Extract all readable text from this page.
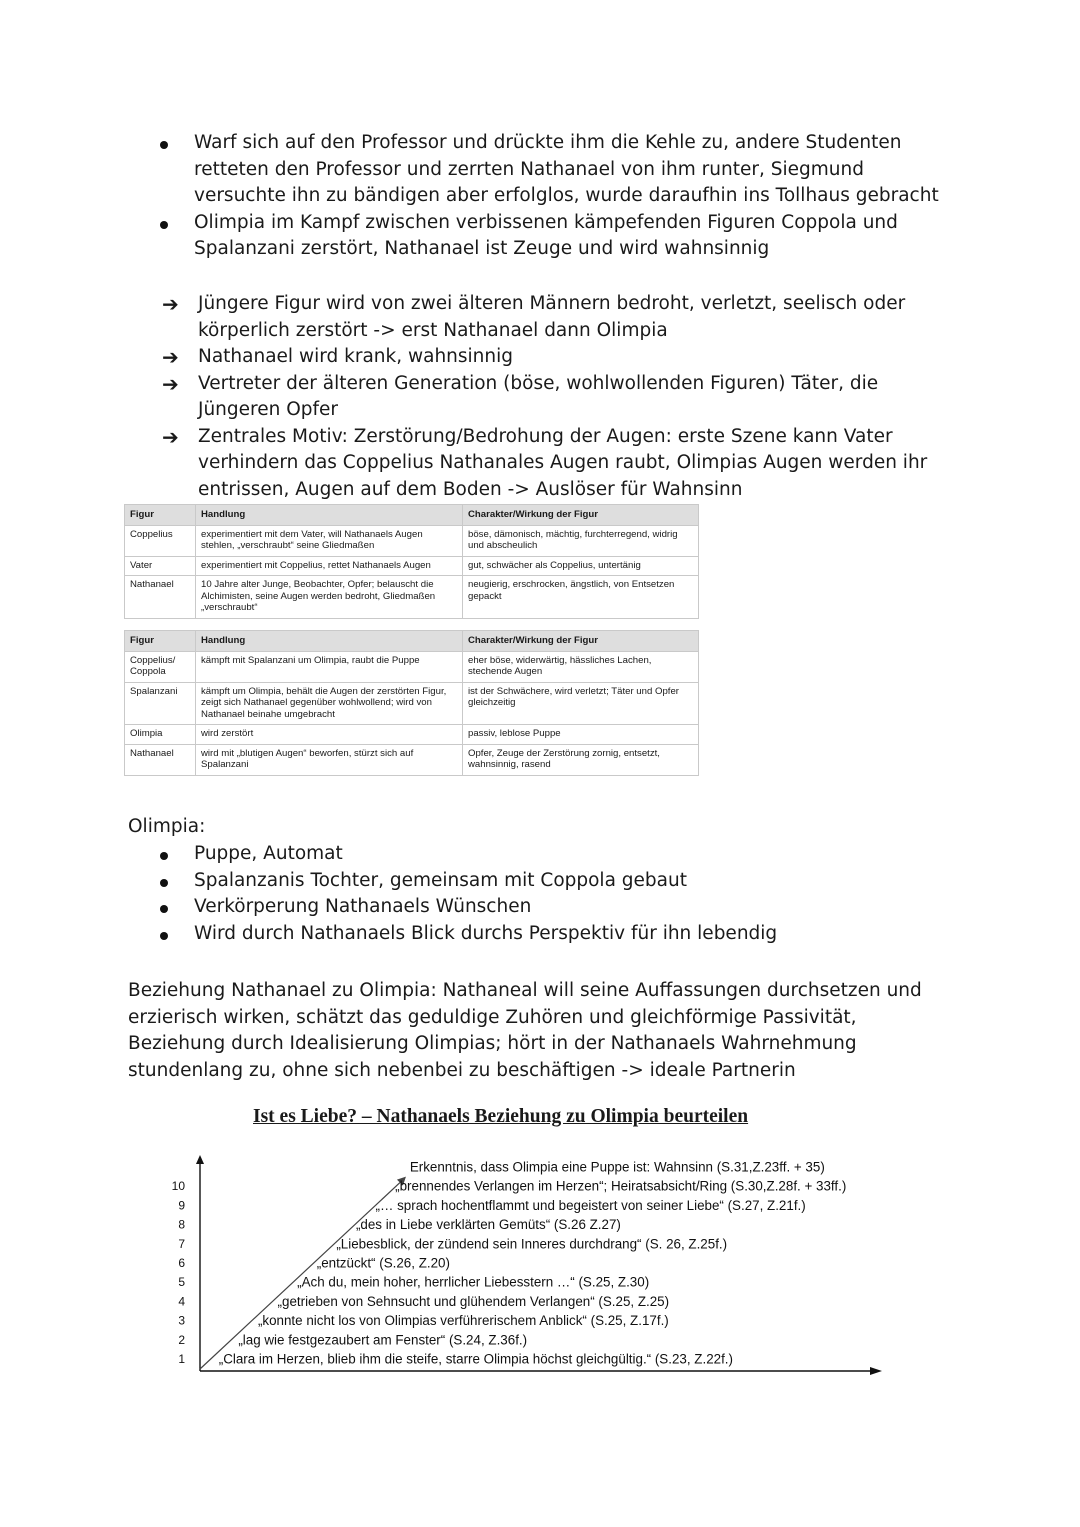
Warf sich auf den Professor und drückte ihm die Kehle zu, andere Studenten retteten den Professor und zerrten Nathanael von ihm runter, Siegmund versuchte ihn zu bändigen aber erfolglos, wurde daraufhin ins Tollhaus gebracht
Olimpia im Kampf zwischen verbissenen kämpefenden Figuren Coppola und Spalanzani zerstört, Nathanael ist Zeuge und wird wahnsinnig
➔ Jüngere Figur wird von zwei älteren Männern bedroht, verletzt, seelisch oder körperlich zerstört -> erst Nathanael dann Olimpia
➔ Nathanael wird krank, wahnsinnig
➔ Vertreter der älteren Generation (böse, wohlwollenden Figuren) Täter, die Jüngeren Opfer
➔ Zentrales Motiv: Zerstörung/Bedrohung der Augen: erste Szene kann Vater verhindern das Coppelius Nathanales Augen raubt, Olimpias Augen werden ihr entrissen, Augen auf dem Boden -> Auslöser für Wahnsinn
Figur	Handlung	Charakter/Wirkung der Figur
Coppelius	experimentiert mit dem Vater, will Nathanaels Augen stehlen, „verschraubt“ seine Gliedmaßen	böse, dämonisch, mächtig, furchterregend, widrig und abscheulich
Vater	experimentiert mit Coppelius, rettet Nathanaels Augen	gut, schwächer als Coppelius, untertänig
Nathanael	10 Jahre alter Junge, Beobachter, Opfer; belauscht die Alchimisten, seine Augen werden bedroht, Gliedmaßen „verschraubt“	neugierig, erschrocken, ängstlich, von Entsetzen gepackt
Figur	Handlung	Charakter/Wirkung der Figur
Coppelius/ Coppola	kämpft mit Spalanzani um Olimpia, raubt die Puppe	eher böse, widerwärtig, hässliches Lachen, stechende Augen
Spalanzani	kämpft um Olimpia, behält die Augen der zerstörten Figur, zeigt sich Nathanael gegenüber wohlwollend; wird von Nathanael beinahe umgebracht	ist der Schwächere, wird verletzt; Täter und Opfer gleichzeitig
Olimpia	wird zerstört	passiv, leblose Puppe
Nathanael	wird mit „blutigen Augen“ beworfen, stürzt sich auf Spalanzani	Opfer, Zeuge der Zerstörung zornig, entsetzt, wahnsinnig, rasend
Olimpia:
Puppe, Automat
Spalanzanis Tochter, gemeinsam mit Coppola gebaut
Verkörperung Nathanaels Wünschen
Wird durch Nathanaels Blick durchs Perspektiv für ihn lebendig

Beziehung Nathanael zu Olimpia: Nathaneal will seine Auffassungen durchsetzen und erzierisch wirken, schätzt das geduldige Zuhören und gleichförmige Passivität, Beziehung durch Idealisierung Olimpias; hört in der Nathanaels Wahrnehmung stundenlang zu, ohne sich nebenbei zu beschäftigen -> ideale Partnerin

Ist es Liebe? – Nathanaels Beziehung zu Olimpia beurteilen
1
2
3
4
5
6
7
8
9
10
„Clara im Herzen, blieb ihm die steife, starre Olimpia höchst gleichgültig.“ (S.23, Z.22f.)
„lag wie festgezaubert am Fenster“ (S.24, Z.36f.)
„konnte nicht los von Olimpias verführerischem Anblick“ (S.25, Z.17f.)
„getrieben von Sehnsucht und glühendem Verlangen“ (S.25, Z.25)
„Ach du, mein hoher, herrlicher Liebesstern …“ (S.25, Z.30)
„entzückt“ (S.26, Z.20)
„Liebesblick, der zündend sein Inneres durchdrang“ (S. 26, Z.25f.)
„des in Liebe verklärten Gemüts“ (S.26 Z.27)
„… sprach hochentflammt und begeistert von seiner Liebe“ (S.27, Z.21f.)
„brennendes Verlangen im Herzen“; Heiratsabsicht/Ring (S.30,Z.28f. + 33ff.)
Erkenntnis, dass Olimpia eine Puppe ist: Wahnsinn (S.31,Z.23ff. + 35)
